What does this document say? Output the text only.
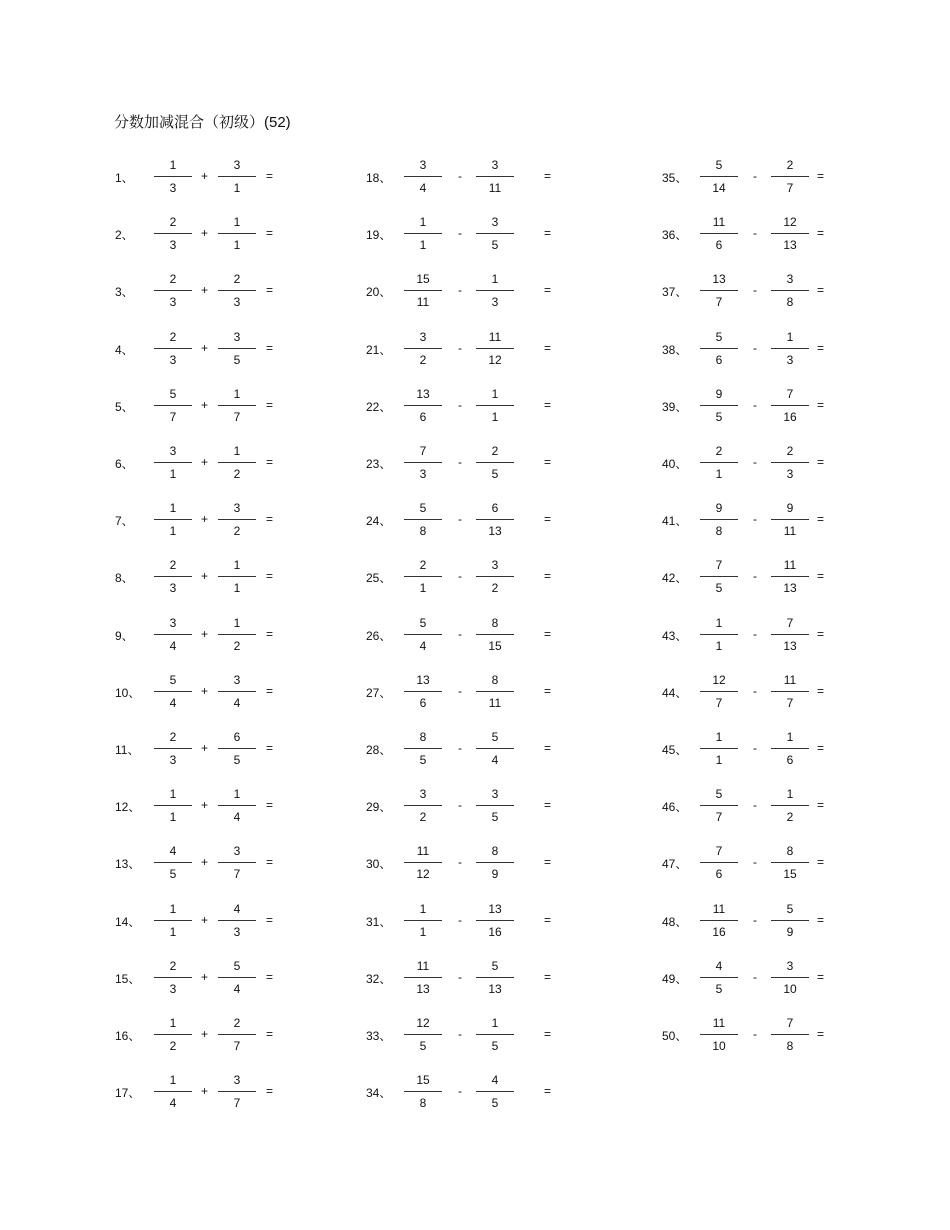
分数加减混合（初级）(52)
1、
1
3
+
3
1
=
2、
2
3
+
1
1
=
3、
2
3
+
2
3
=
4、
2
3
+
3
5
=
5、
5
7
+
1
7
=
6、
3
1
+
1
2
=
7、
1
1
+
3
2
=
8、
2
3
+
1
1
=
9、
3
4
+
1
2
=
10、
5
4
+
3
4
=
11、
2
3
+
6
5
=
12、
1
1
+
1
4
=
13、
4
5
+
3
7
=
14、
1
1
+
4
3
=
15、
2
3
+
5
4
=
16、
1
2
+
2
7
=
17、
1
4
+
3
7
=
18、
3
4
-
3
11
=
19、
1
1
-
3
5
=
20、
15
11
-
1
3
=
21、
3
2
-
11
12
=
22、
13
6
-
1
1
=
23、
7
3
-
2
5
=
24、
5
8
-
6
13
=
25、
2
1
-
3
2
=
26、
5
4
-
8
15
=
27、
13
6
-
8
11
=
28、
8
5
-
5
4
=
29、
3
2
-
3
5
=
30、
11
12
-
8
9
=
31、
1
1
-
13
16
=
32、
11
13
-
5
13
=
33、
12
5
-
1
5
=
34、
15
8
-
4
5
=
35、
5
14
-
2
7
=
36、
11
6
-
12
13
=
37、
13
7
-
3
8
=
38、
5
6
-
1
3
=
39、
9
5
-
7
16
=
40、
2
1
-
2
3
=
41、
9
8
-
9
11
=
42、
7
5
-
11
13
=
43、
1
1
-
7
13
=
44、
12
7
-
11
7
=
45、
1
1
-
1
6
=
46、
5
7
-
1
2
=
47、
7
6
-
8
15
=
48、
11
16
-
5
9
=
49、
4
5
-
3
10
=
50、
11
10
-
7
8
=
